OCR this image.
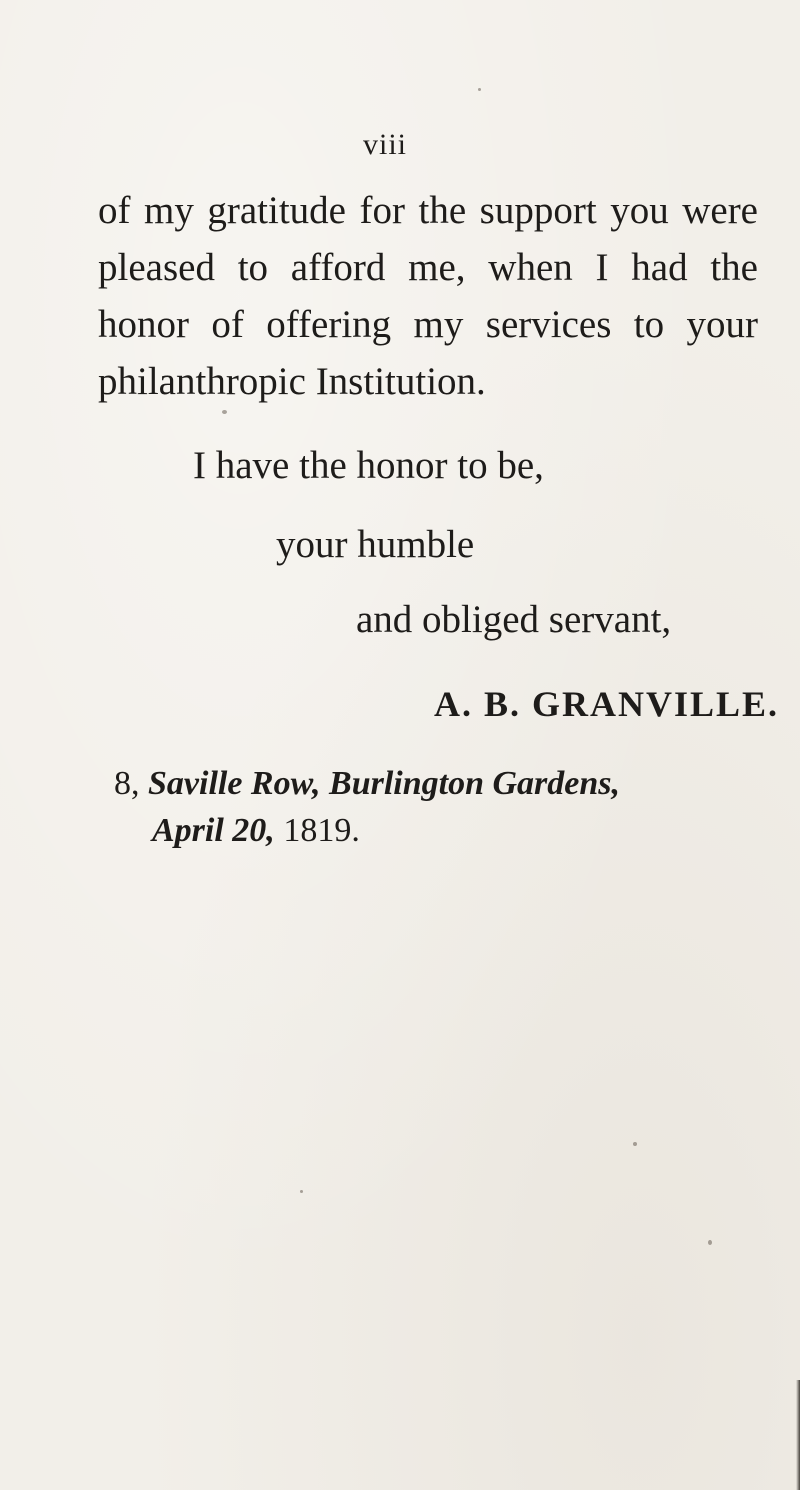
viii
of my gratitude for the support you were
pleased to afford me, when I had the
honor of offering my services to your
philanthropic Institution.
I have the honor to be,
your humble
and obliged servant,
A. B. GRANVILLE.
8, Saville Row, Burlington Gardens,
April 20, 1819.
